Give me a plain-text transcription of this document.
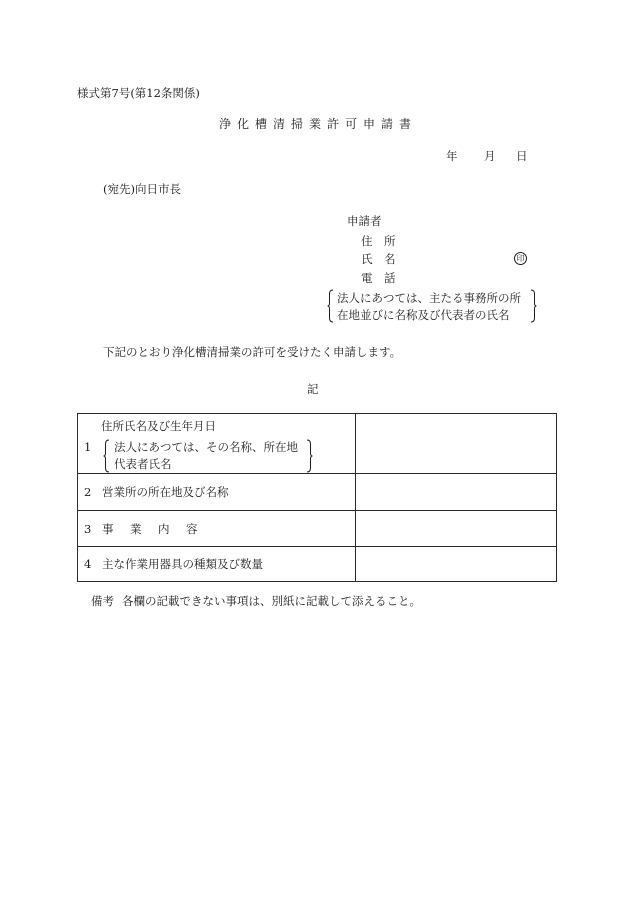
様式第7号(第12条関係)
浄化槽清掃業許可申請書
年 月 日
(宛先)向日市長
申請者
住　所
氏　名	印
電　話
法人にあつては、主たる事務所の所
在地並びに名称及び代表者の氏名
下記のとおり浄化槽清掃業の許可を受けたく申請します。
記
住所氏名及び生年月日
1 法人にあつては、その名称、所在地
代表者氏名	

2 営業所の所在地及び名称	
3 事　業　内　容	
4 主な作業用器具の種類及び数量	
備考 各欄の記載できない事項は、別紙に記載して添えること。
